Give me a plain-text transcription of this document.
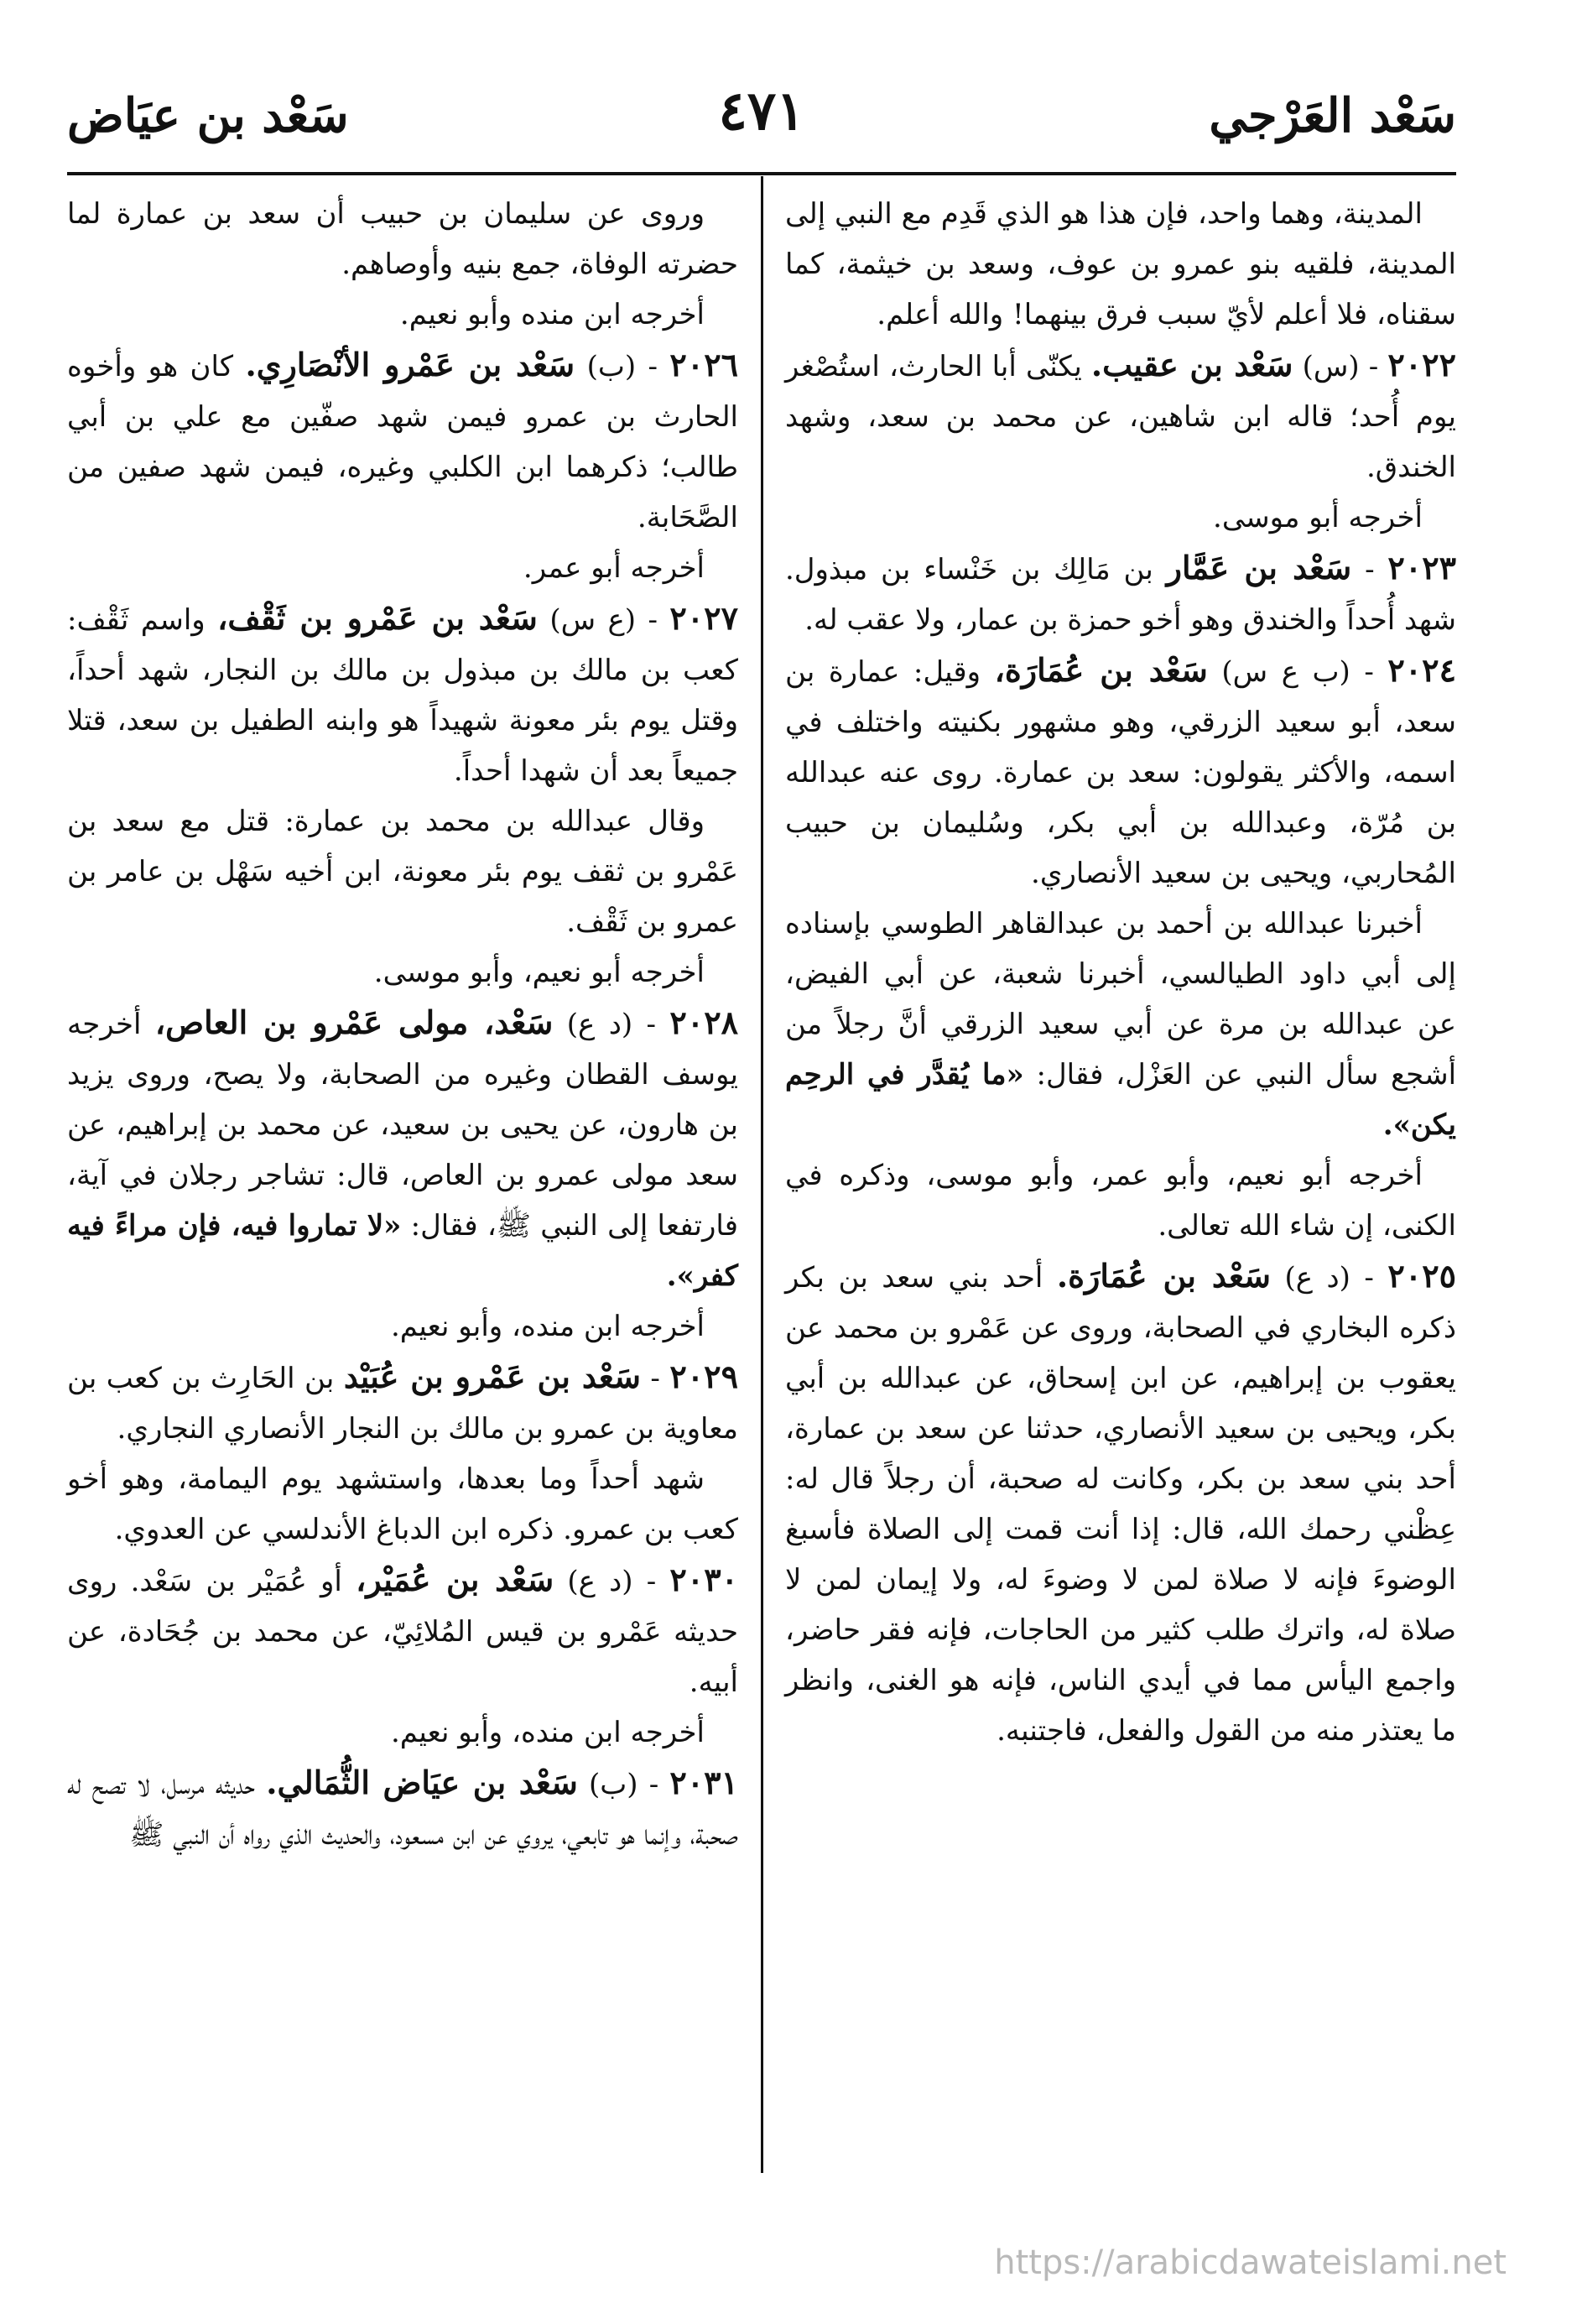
سَعْد العَرْجي
٤٧١
سَعْد بن عيَاض

المدينة، وهما واحد، فإن هذا هو الذي قَدِم مع النبي إلى المدينة، فلقيه بنو عمرو بن عوف، وسعد بن خيثمة، كما سقناه، فلا أعلم لأيّ سبب فرق بينهما! والله أعلم.

٢٠٢٢ - (س) سَعْد بن عقيب. يكنّى أبا الحارث، استُصْغر يوم أُحد؛ قاله ابن شاهين، عن محمد بن سعد، وشهد الخندق.

أخرجه أبو موسى.

٢٠٢٣ - سَعْد بن عَمَّار بن مَالِك بن خَنْساء بن مبذول. شهد أُحداً والخندق وهو أخو حمزة بن عمار، ولا عقب له.

٢٠٢٤ - (ب ع س) سَعْد بن عُمَارَة، وقيل: عمارة بن سعد، أبو سعيد الزرقي، وهو مشهور بكنيته واختلف في اسمه، والأكثر يقولون: سعد بن عمارة. روى عنه عبدالله بن مُرّة، وعبدالله بن أبي بكر، وسُليمان بن حبيب المُحاربي، ويحيى بن سعيد الأنصاري.

أخبرنا عبدالله بن أحمد بن عبدالقاهر الطوسي بإسناده إلى أبي داود الطيالسي، أخبرنا شعبة، عن أبي الفيض، عن عبدالله بن مرة عن أبي سعيد الزرقي أنَّ رجلاً من أشجع سأل النبي عن العَزْل، فقال: «ما يُقدَّر في الرحِم يكن».

أخرجه أبو نعيم، وأبو عمر، وأبو موسى، وذكره في الكنى، إن شاء الله تعالى.

٢٠٢٥ - (د ع) سَعْد بن عُمَارَة. أحد بني سعد بن بكر ذكره البخاري في الصحابة، وروى عن عَمْرو بن محمد عن يعقوب بن إبراهيم، عن ابن إسحاق، عن عبدالله بن أبي بكر، ويحيى بن سعيد الأنصاري، حدثنا عن سعد بن عمارة، أحد بني سعد بن بكر، وكانت له صحبة، أن رجلاً قال له: عِظْني رحمك الله، قال: إذا أنت قمت إلى الصلاة فأسبغ الوضوءَ فإنه لا صلاة لمن لا وضوءَ له، ولا إيمان لمن لا صلاة له، واترك طلب كثير من الحاجات، فإنه فقر حاضر، واجمع اليأس مما في أيدي الناس، فإنه هو الغنى، وانظر ما يعتذر منه من القول والفعل، فاجتنبه.

وروى عن سليمان بن حبيب أن سعد بن عمارة لما حضرته الوفاة، جمع بنيه وأوصاهم.

أخرجه ابن منده وأبو نعيم.

٢٠٢٦ - (ب) سَعْد بن عَمْرو الأنْصَارِي. كان هو وأخوه الحارث بن عمرو فيمن شهد صفّين مع علي بن أبي طالب؛ ذكرهما ابن الكلبي وغيره، فيمن شهد صفين من الصَّحَابة.

أخرجه أبو عمر.

٢٠٢٧ - (ع س) سَعْد بن عَمْرو بن ثَقْف، واسم ثَقْف: كعب بن مالك بن مبذول بن مالك بن النجار، شهد أحداً، وقتل يوم بئر معونة شهيداً هو وابنه الطفيل بن سعد، قتلا جميعاً بعد أن شهدا أحداً.

وقال عبدالله بن محمد بن عمارة: قتل مع سعد بن عَمْرو بن ثقف يوم بئر معونة، ابن أخيه سَهْل بن عامر بن عمرو بن ثَقْف.

أخرجه أبو نعيم، وأبو موسى.

٢٠٢٨ - (د ع) سَعْد، مولى عَمْرو بن العاص، أخرجه يوسف القطان وغيره من الصحابة، ولا يصح، وروى يزيد بن هارون، عن يحيى بن سعيد، عن محمد بن إبراهيم، عن سعد مولى عمرو بن العاص، قال: تشاجر رجلان في آية، فارتفعا إلى النبي ﷺ، فقال: «لا تماروا فيه، فإن مراءً فيه كفر».

أخرجه ابن منده، وأبو نعيم.

٢٠٢٩ - سَعْد بن عَمْرو بن عُبَيْد بن الحَارِث بن كعب بن معاوية بن عمرو بن مالك بن النجار الأنصاري النجاري.

شهد أحداً وما بعدها، واستشهد يوم اليمامة، وهو أخو كعب بن عمرو. ذكره ابن الدباغ الأندلسي عن العدوي.

٢٠٣٠ - (د ع) سَعْد بن عُمَيْر، أو عُمَيْر بن سَعْد. روى حديثه عَمْرو بن قيس المُلائِيّ، عن محمد بن جُحَادة، عن أبيه.

أخرجه ابن منده، وأبو نعيم.

٢٠٣١ - (ب) سَعْد بن عيَاض الثُّمَالي. حديثه مرسل، لا تصح له صحبة، وإنما هو تابعي، يروي عن ابن مسعود، والحديث الذي رواه أن النبي ﷺ

https://arabicdawateislami.net
